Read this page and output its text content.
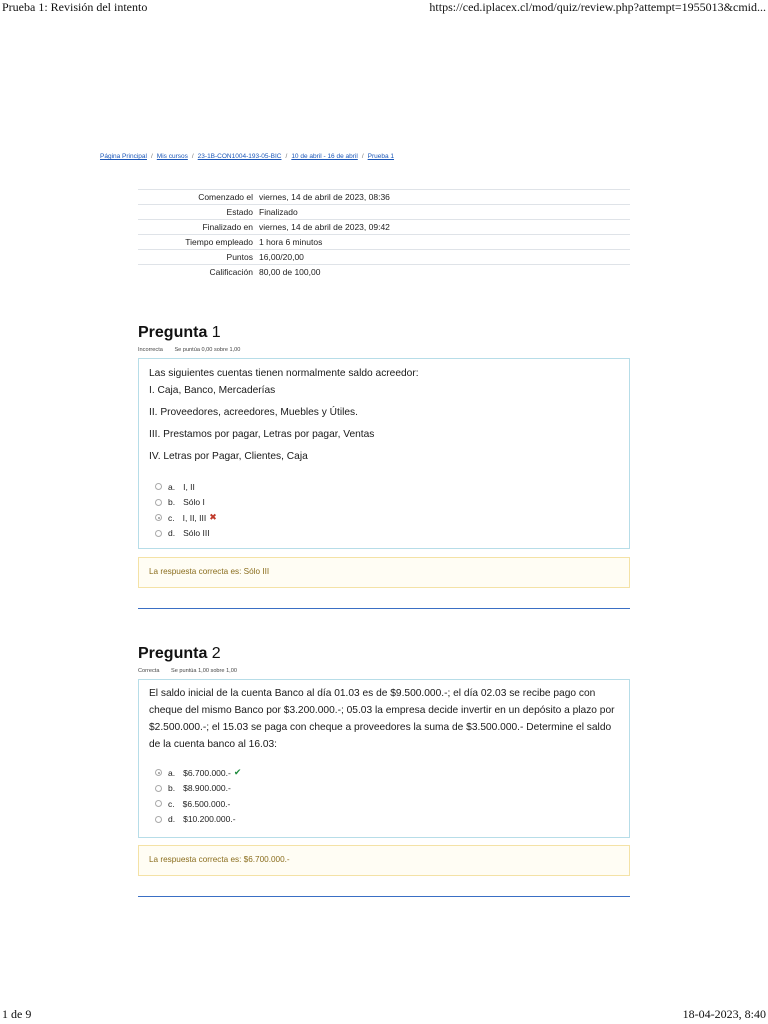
Prueba 1: Revisión del intento	https://ced.iplacex.cl/mod/quiz/review.php?attempt=1955013&cmid...
Página Principal / Mis cursos / 23-1B-CON1004-193-05-BIC / 10 de abril - 16 de abril / Prueba 1
Comenzado el	viernes, 14 de abril de 2023, 08:36
Estado	Finalizado
Finalizado en	viernes, 14 de abril de 2023, 09:42
Tiempo empleado	1 hora 6 minutos
Puntos	16,00/20,00
Calificación	80,00 de 100,00
Pregunta 1
Incorrecta Se puntúa 0,00 sobre 1,00

Las siguientes cuentas tienen normalmente saldo acreedor:
I. Caja, Banco, Mercaderías

II. Proveedores, acreedores, Muebles y Útiles.

III. Prestamos por pagar, Letras por pagar, Ventas

IV. Letras por Pagar, Clientes, Caja

a. I, II
b. Sólo I
c. I, II, III ✖
d. Sólo III
La respuesta correcta es: Sólo III
Pregunta 2
Correcta Se puntúa 1,00 sobre 1,00

El saldo inicial de la cuenta Banco al día 01.03 es de $9.500.000.-; el día 02.03 se recibe pago con cheque del mismo Banco por $3.200.000.-; 05.03 la empresa decide invertir en un depósito a plazo por $2.500.000.-; el 15.03 se paga con cheque a proveedores la suma de $3.500.000.- Determine el saldo de la cuenta banco al 16.03:

a. $6.700.000.- ✔
b. $8.900.000.-
c. $6.500.000.-
d. $10.200.000.-
La respuesta correcta es: $6.700.000.-
1 de 9	18-04-2023, 8:40
